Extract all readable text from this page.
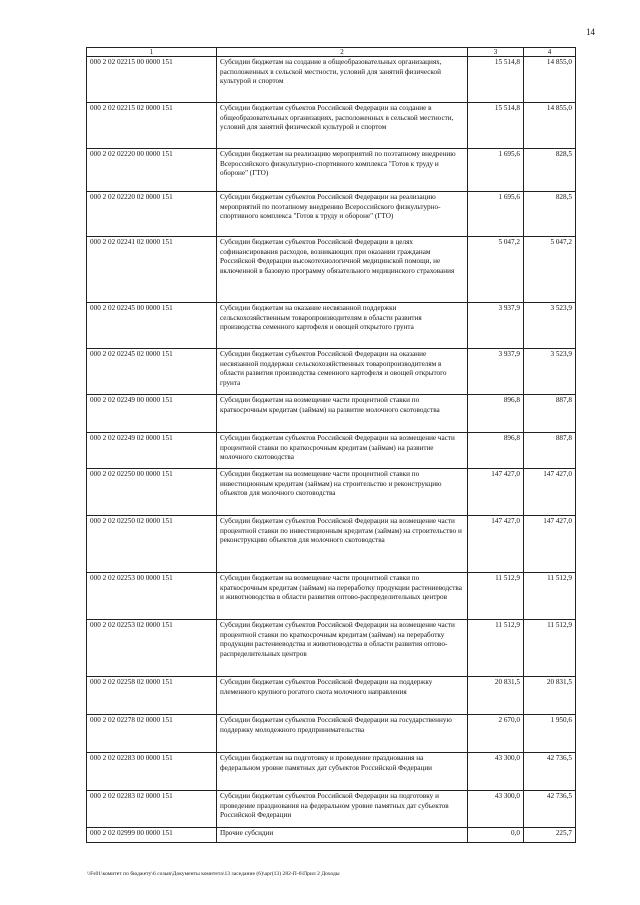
14
1	2	3	4
000 2 02 02215 00 0000 151	Субсидии бюджетам на создание в общеобразовательных организациях, расположенных в сельской местности, условий для занятий физической культурой и спортом	15 514,8	14 855,0
000 2 02 02215 02 0000 151	Субсидии бюджетам субъектов Российской Федерации на создание в общеобразовательных организациях, расположенных в сельской местности, условий для занятий физической культурой и спортом	15 514,8	14 855,0
000 2 02 02220 00 0000 151	Субсидии бюджетам на реализацию мероприятий по поэтапному внедрению Всероссийского физкультурно-спортивного комплекса "Готов к труду и обороне" (ГТО)	1 695,6	828,5
000 2 02 02220 02 0000 151	Субсидии бюджетам субъектов Российской Федерации на реализацию мероприятий по поэтапному внедрению Всероссийского физкультурно-спортивного комплекса "Готов к труду и обороне" (ГТО)	1 695,6	828,5
000 2 02 02241 02 0000 151	Субсидии бюджетам субъектов Российской Федерации в целях софинансирования расходов, возникающих при оказании гражданам Российской Федерации высокотехнологичной медицинской помощи, не включенной в базовую программу обязательного медицинского страхования	5 047,2	5 047,2
000 2 02 02245 00 0000 151	Субсидии бюджетам на оказание несвязанной поддержки сельскохозяйственным товаропроизводителям в области развития производства семенного картофеля и овощей открытого грунта	3 937,9	3 523,9
000 2 02 02245 02 0000 151	Субсидии бюджетам субъектов Российской Федерации на оказание несвязанной поддержки сельскохозяйственных товаропроизводителям в области развития производства семенного картофеля и овощей открытого грунта	3 937,9	3 523,9
000 2 02 02249 00 0000 151	Субсидии бюджетам на возмещение части процентной ставки по краткосрочным кредитам (займам) на развитие молочного скотоводства	896,8	887,8
000 2 02 02249 02 0000 151	Субсидии бюджетам субъектов Российской Федерации на возмещение части процентной ставки по краткосрочным кредитам (займам) на развитие молочного скотоводства	896,8	887,8
000 2 02 02250 00 0000 151	Субсидии бюджетам на возмещение части процентной ставки по инвестиционным кредитам (займам) на строительство и реконструкцию объектов для молочного скотоводства	147 427,0	147 427,0
000 2 02 02250 02 0000 151	Субсидии бюджетам субъектов Российской Федерации на возмещение части процентной ставки по инвестиционным кредитам (займам) на строительство и реконструкцию объектов для молочного скотоводства	147 427,0	147 427,0
000 2 02 02253 00 0000 151	Субсидии бюджетам на возмещение части процентной ставки по краткосрочным кредитам (займам) на переработку продукции растениеводства и животноводства в области развития оптово-распределительных центров	11 512,9	11 512,9
000 2 02 02253 02 0000 151	Субсидии бюджетам субъектов Российской Федерации на возмещение части процентной ставки по краткосрочным кредитам (займам) на переработку продукции растениеводства и животноводства в области развития оптово-распределительных центров	11 512,9	11 512,9
000 2 02 02258 02 0000 151	Субсидии бюджетам субъектов Российской Федерации на поддержку племенного крупного рогатого скота молочного направления	20 831,5	20 831,5
000 2 02 02278 02 0000 151	Субсидии бюджетам субъектов Российской Федерации на государственную поддержку молодежного предпринимательства	2 670,0	1 950,6
000 2 02 02283 00 0000 151	Субсидии бюджетам на подготовку и проведение празднования на федеральном уровне памятных дат субъектов Российской Федерации	43 300,0	42 736,5
000 2 02 02283 02 0000 151	Субсидии бюджетам субъектов Российской Федерации на подготовку и проведение празднования на федеральном уровне памятных дат субъектов Российской Федерации	43 300,0	42 736,5
000 2 02 02999 00 0000 151	Прочие субсидии	0,0	225,7
\\Fs01\комитет по бюджету\6 созыв\Документы комитета\13 заседание (6)\apr(13) 282-П-6\Прил 2 Доходы
